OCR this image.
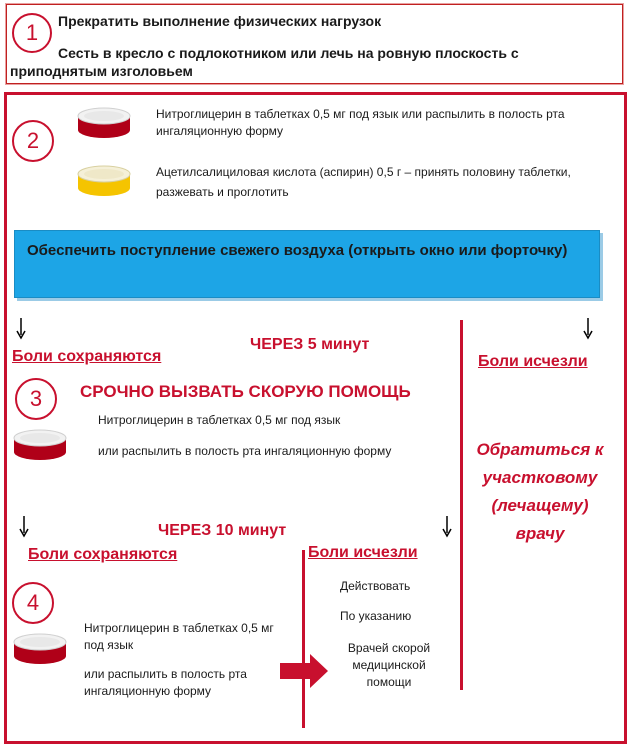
1 Прекратить выполнение физических нагрузок
Сесть в кресло с подлокотником или лечь на ровную плоскость с приподнятым изголовьем
2
Нитроглицерин в таблетках 0,5 мг под язык или распылить в полость рта ингаляционную форму
Ацетилсалициловая кислота (аспирин) 0,5 г – принять половину таблетки, разжевать и проглотить
Обеспечить поступление свежего воздуха (открыть окно или форточку)
ЧЕРЕЗ 5 минут
Боли сохраняются	Боли исчезли
3 СРОЧНО ВЫЗВАТЬ СКОРУЮ ПОМОЩЬ
Нитроглицерин в таблетках 0,5 мг под язык
или распылить в полость рта ингаляционную форму	Обратиться к участковому (лечащему) врачу
ЧЕРЕЗ 10 минут
Боли сохраняются	Боли исчезли
4
Нитроглицерин в таблетках 0,5 мг под язык
или распылить в полость рта ингаляционную форму
Действовать
По указанию
Врачей скорой медицинской помощи
